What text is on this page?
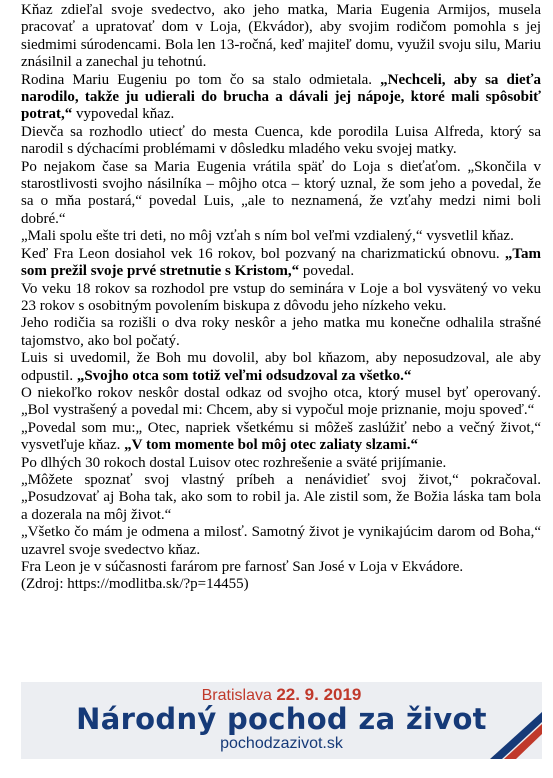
Kňaz zdieľal svoje svedectvo, ako jeho matka, Maria Eugenia Armijos, musela pracovať a upratovať dom v Loja, (Ekvádor), aby svojim rodičom pomohla s jej siedmimi súrodencami. Bola len 13-ročná, keď majiteľ domu, využil svoju silu, Mariu znásilnil a zanechal ju tehotnú.

Rodina Mariu Eugeniu po tom čo sa stalo odmietala. „Nechceli, aby sa dieťa narodilo, takže ju udierali do brucha a dávali jej nápoje, ktoré mali spôsobiť potrat,“ vypovedal kňaz.

Dievča sa rozhodlo utiecť do mesta Cuenca, kde porodila Luisa Alfreda, ktorý sa narodil s dýchacími problémami v dôsledku mladého veku svojej matky.

Po nejakom čase sa Maria Eugenia vrátila späť do Loja s dieťaťom. „Skončila v starostlivosti svojho násilníka – môjho otca – ktorý uznal, že som jeho a povedal, že sa o mňa postará,“ povedal Luis, „ale to neznamená, že vzťahy medzi nimi boli dobré.“

„Mali spolu ešte tri deti, no môj vzťah s ním bol veľmi vzdialený,“ vysvetlil kňaz.

Keď Fra Leon dosiahol vek 16 rokov, bol pozvaný na charizmatickú obnovu. „Tam som prežil svoje prvé stretnutie s Kristom,“ povedal.

Vo veku 18 rokov sa rozhodol pre vstup do seminára v Loje a bol vysvätený vo veku 23 rokov s osobitným povolením biskupa z dôvodu jeho nízkeho veku.

Jeho rodičia sa rozišli o dva roky neskôr a jeho matka mu konečne odhalila strašné tajomstvo, ako bol počatý.

Luis si uvedomil, že Boh mu dovolil, aby bol kňazom, aby neposudzoval, ale aby odpustil. „Svojho otca som totiž veľmi odsudzoval za všetko.“

O niekoľko rokov neskôr dostal odkaz od svojho otca, ktorý musel byť operovaný. „Bol vystrašený a povedal mi: Chcem, aby si vypočul moje priznanie, moju spoveď.“

„Povedal som mu:„ Otec, napriek všetkému si môžeš zaslúžiť nebo a večný život,“ vysvetľuje kňaz. „V tom momente bol môj otec zaliaty slzami.“

Po dlhých 30 rokoch dostal Luisov otec rozhrešenie a sväté prijímanie.

„Môžete spoznať svoj vlastný príbeh a nenávidieť svoj život,“ pokračoval. „Posudzovať aj Boha tak, ako som to robil ja. Ale zistil som, že Božia láska tam bola a dozerala na môj život.“

„Všetko čo mám je odmena a milosť. Samotný život je vynikajúcim darom od Boha,“ uzavrel svoje svedectvo kňaz.

Fra Leon je v súčasnosti farárom pre farnosť San José v Loja v Ekvádore.

(Zdroj: https://modlitba.sk/?p=14455)

Bratislava 22. 9. 2019
Národný pochod za život
pochodzazivot.sk
